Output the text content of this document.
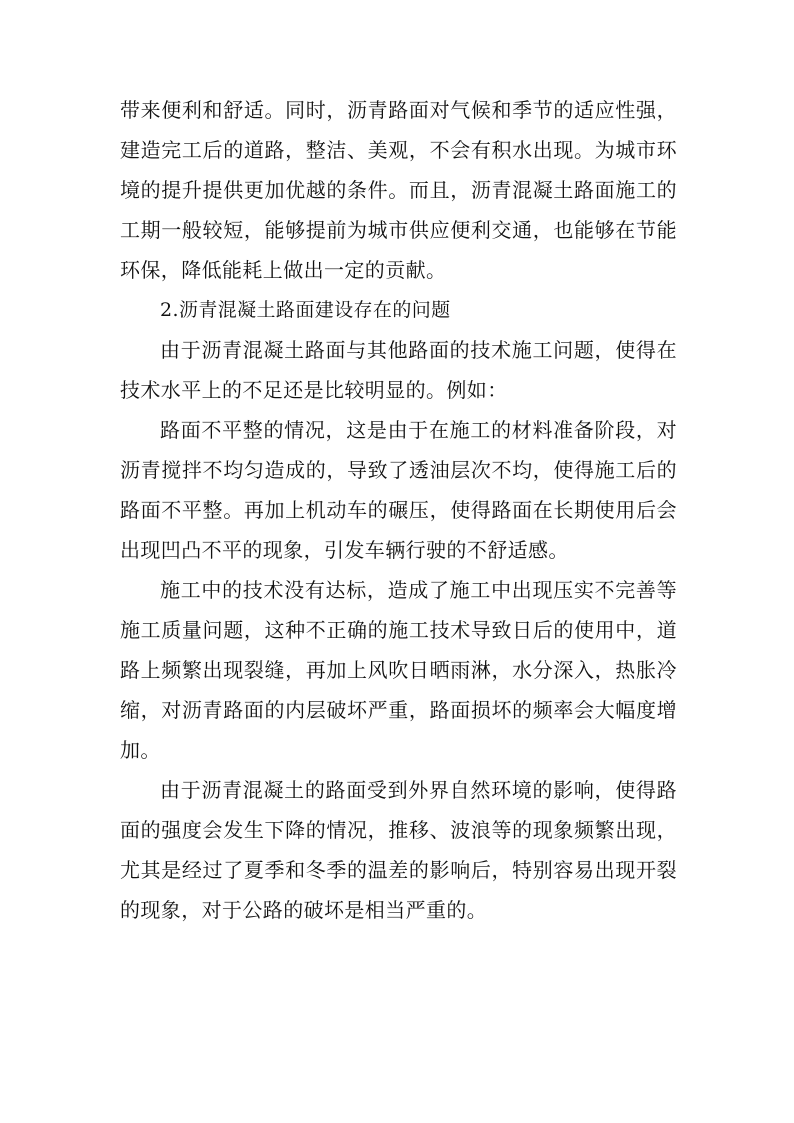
带来便利和舒适。同时，沥青路面对气候和季节的适应性强，建造完工后的道路，整洁、美观，不会有积水出现。为城市环境的提升提供更加优越的条件。而且，沥青混凝土路面施工的工期一般较短，能够提前为城市供应便利交通，也能够在节能环保，降低能耗上做出一定的贡献。

2.沥青混凝土路面建设存在的问题

由于沥青混凝土路面与其他路面的技术施工问题，使得在技术水平上的不足还是比较明显的。例如：

路面不平整的情况，这是由于在施工的材料准备阶段，对沥青搅拌不均匀造成的，导致了透油层次不均，使得施工后的路面不平整。再加上机动车的碾压，使得路面在长期使用后会出现凹凸不平的现象，引发车辆行驶的不舒适感。

施工中的技术没有达标，造成了施工中出现压实不完善等施工质量问题，这种不正确的施工技术导致日后的使用中，道路上频繁出现裂缝，再加上风吹日晒雨淋，水分深入，热胀冷缩，对沥青路面的内层破坏严重，路面损坏的频率会大幅度增加。

由于沥青混凝土的路面受到外界自然环境的影响，使得路面的强度会发生下降的情况，推移、波浪等的现象频繁出现，尤其是经过了夏季和冬季的温差的影响后，特别容易出现开裂的现象，对于公路的破坏是相当严重的。
